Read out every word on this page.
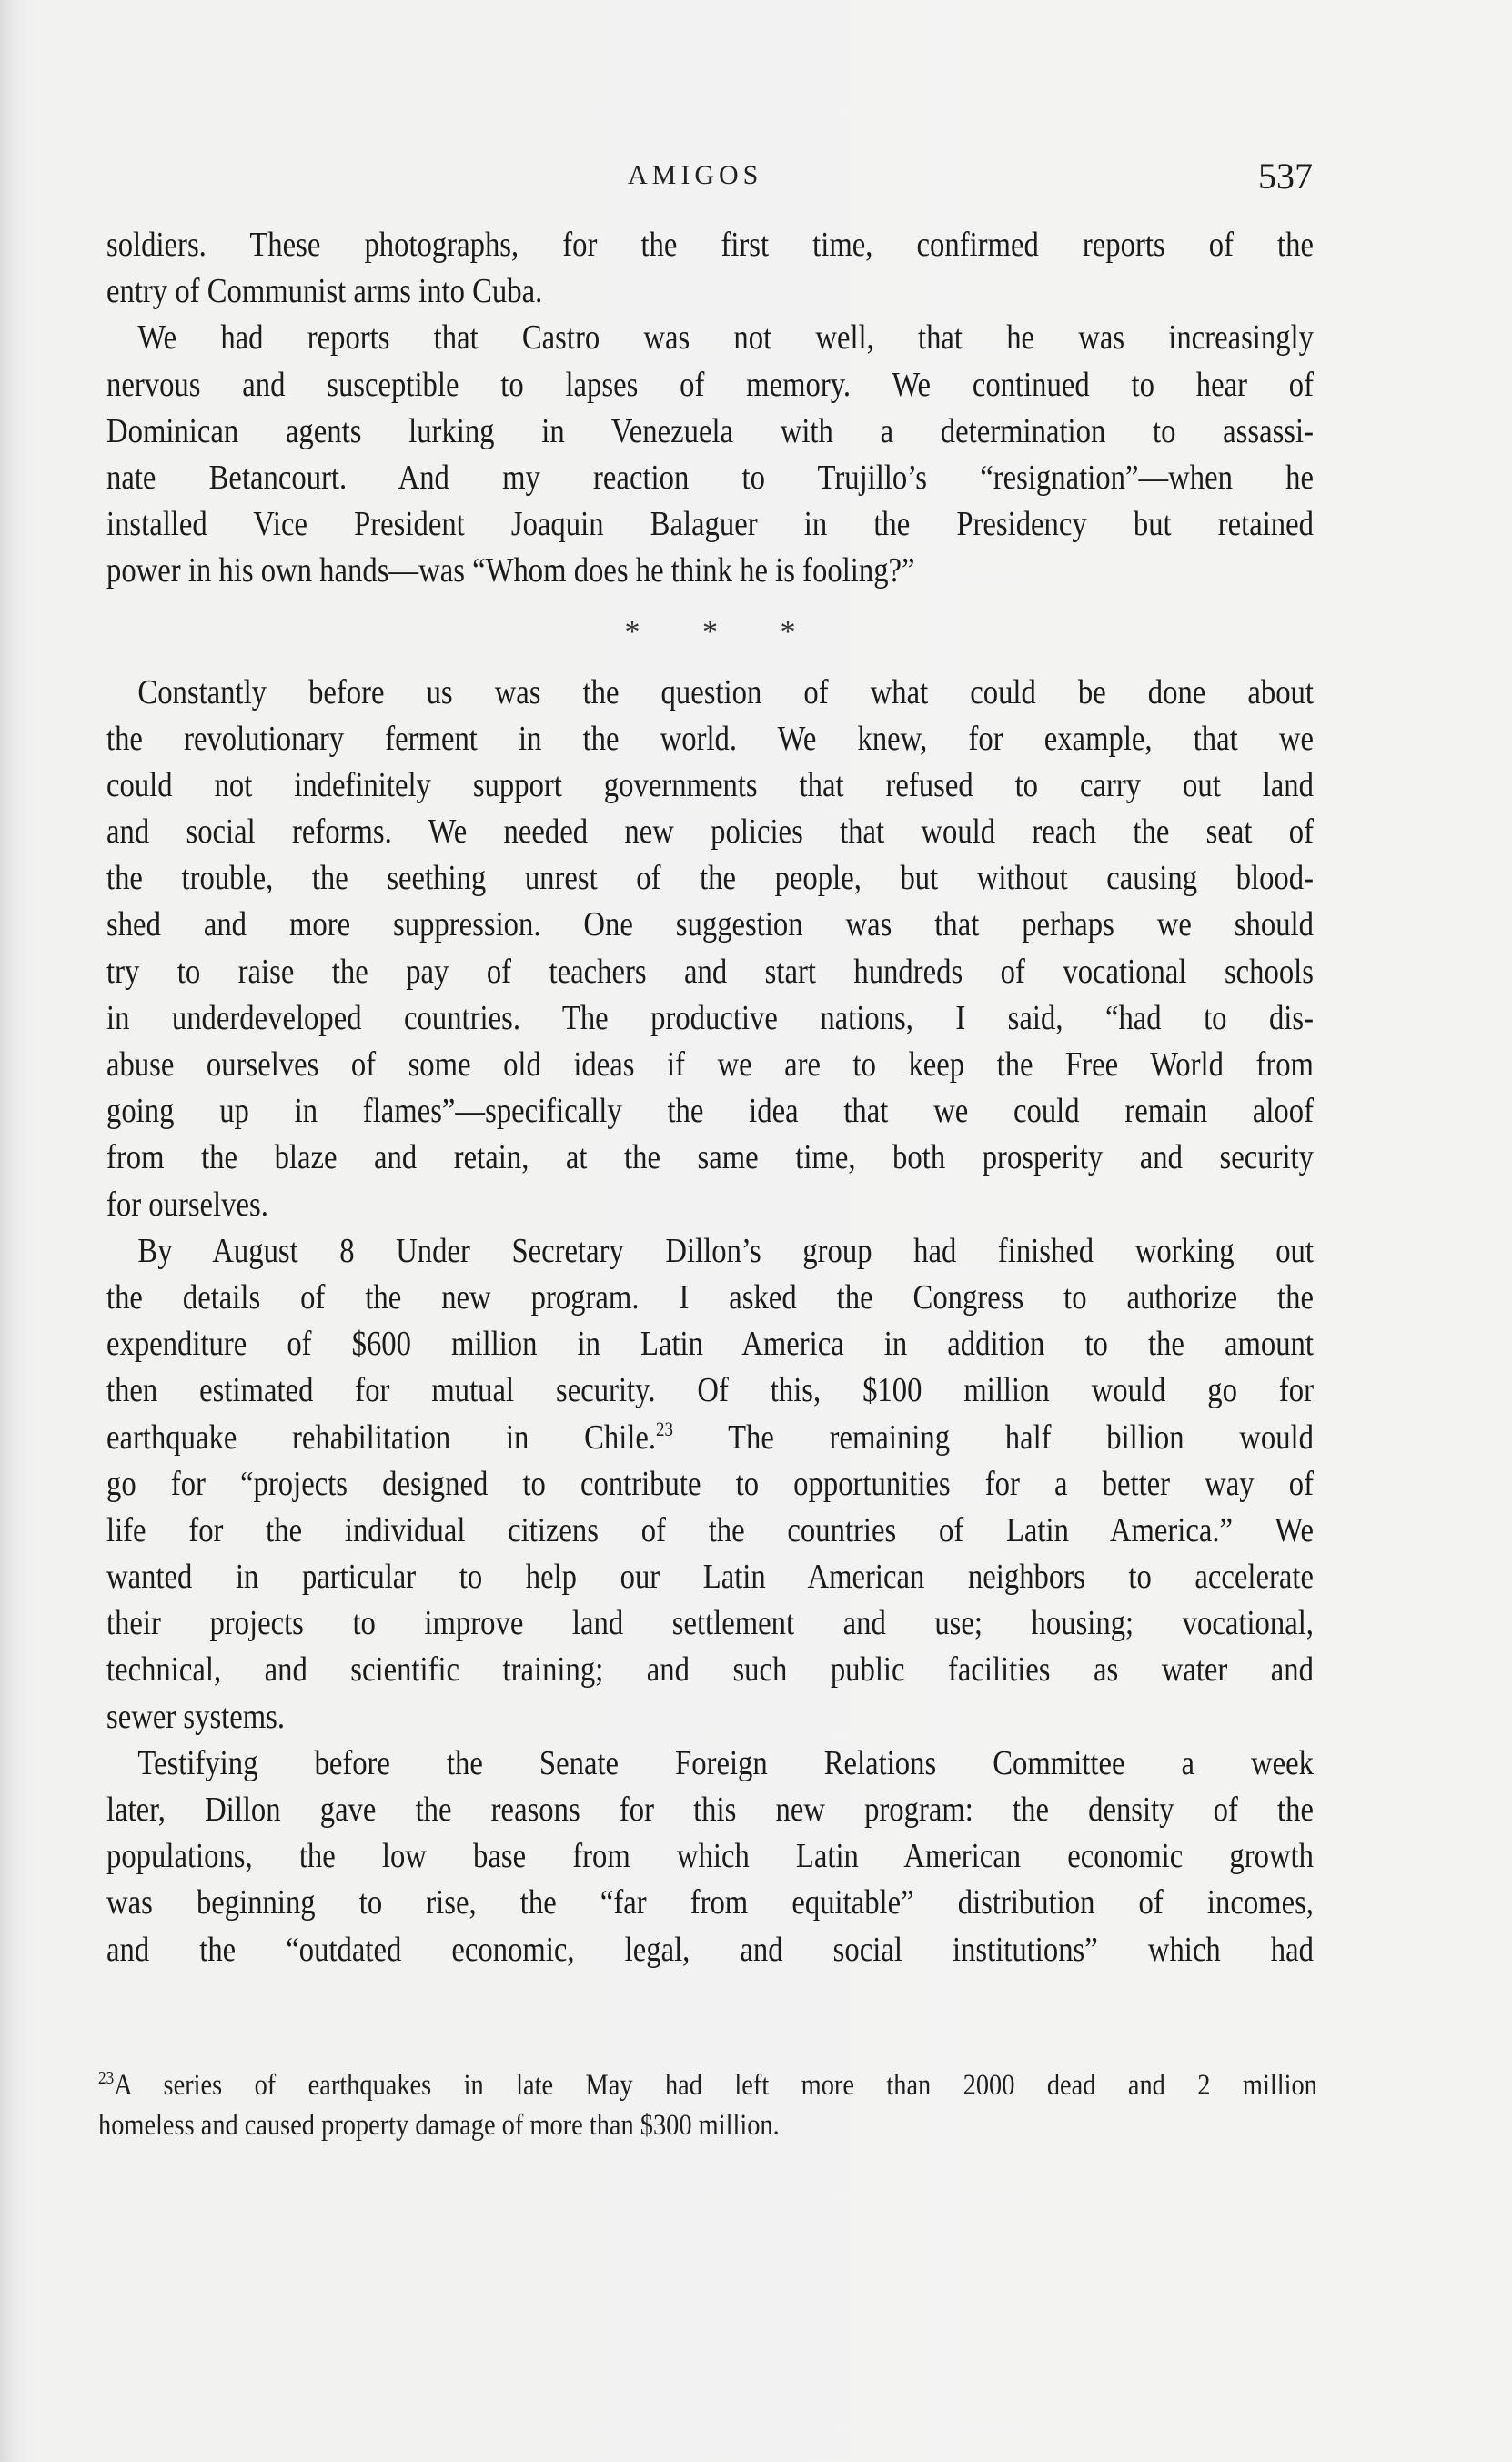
AMIGOS	537
soldiers. These photographs, for the first time, confirmed reports of the
entry of Communist arms into Cuba.
We had reports that Castro was not well, that he was increasingly
nervous and susceptible to lapses of memory. We continued to hear of
Dominican agents lurking in Venezuela with a determination to assassi-
nate Betancourt. And my reaction to Trujillo’s “resignation”—when he
installed Vice President Joaquin Balaguer in the Presidency but retained
power in his own hands—was “Whom does he think he is fooling?”
* * *
Constantly before us was the question of what could be done about
the revolutionary ferment in the world. We knew, for example, that we
could not indefinitely support governments that refused to carry out land
and social reforms. We needed new policies that would reach the seat of
the trouble, the seething unrest of the people, but without causing blood-
shed and more suppression. One suggestion was that perhaps we should
try to raise the pay of teachers and start hundreds of vocational schools
in underdeveloped countries. The productive nations, I said, “had to dis-
abuse ourselves of some old ideas if we are to keep the Free World from
going up in flames”—specifically the idea that we could remain aloof
from the blaze and retain, at the same time, both prosperity and security
for ourselves.
By August 8 Under Secretary Dillon’s group had finished working out
the details of the new program. I asked the Congress to authorize the
expenditure of $600 million in Latin America in addition to the amount
then estimated for mutual security. Of this, $100 million would go for
earthquake rehabilitation in Chile.$^{23}$ The remaining half billion would
go for “projects designed to contribute to opportunities for a better way of
life for the individual citizens of the countries of Latin America.” We
wanted in particular to help our Latin American neighbors to accelerate
their projects to improve land settlement and use; housing; vocational,
technical, and scientific training; and such public facilities as water and
sewer systems.
Testifying before the Senate Foreign Relations Committee a week
later, Dillon gave the reasons for this new program: the density of the
populations, the low base from which Latin American economic growth
was beginning to rise, the “far from equitable” distribution of incomes,
and the “outdated economic, legal, and social institutions” which had
$^{23}$A series of earthquakes in late May had left more than 2000 dead and 2 million
homeless and caused property damage of more than $300 million.
